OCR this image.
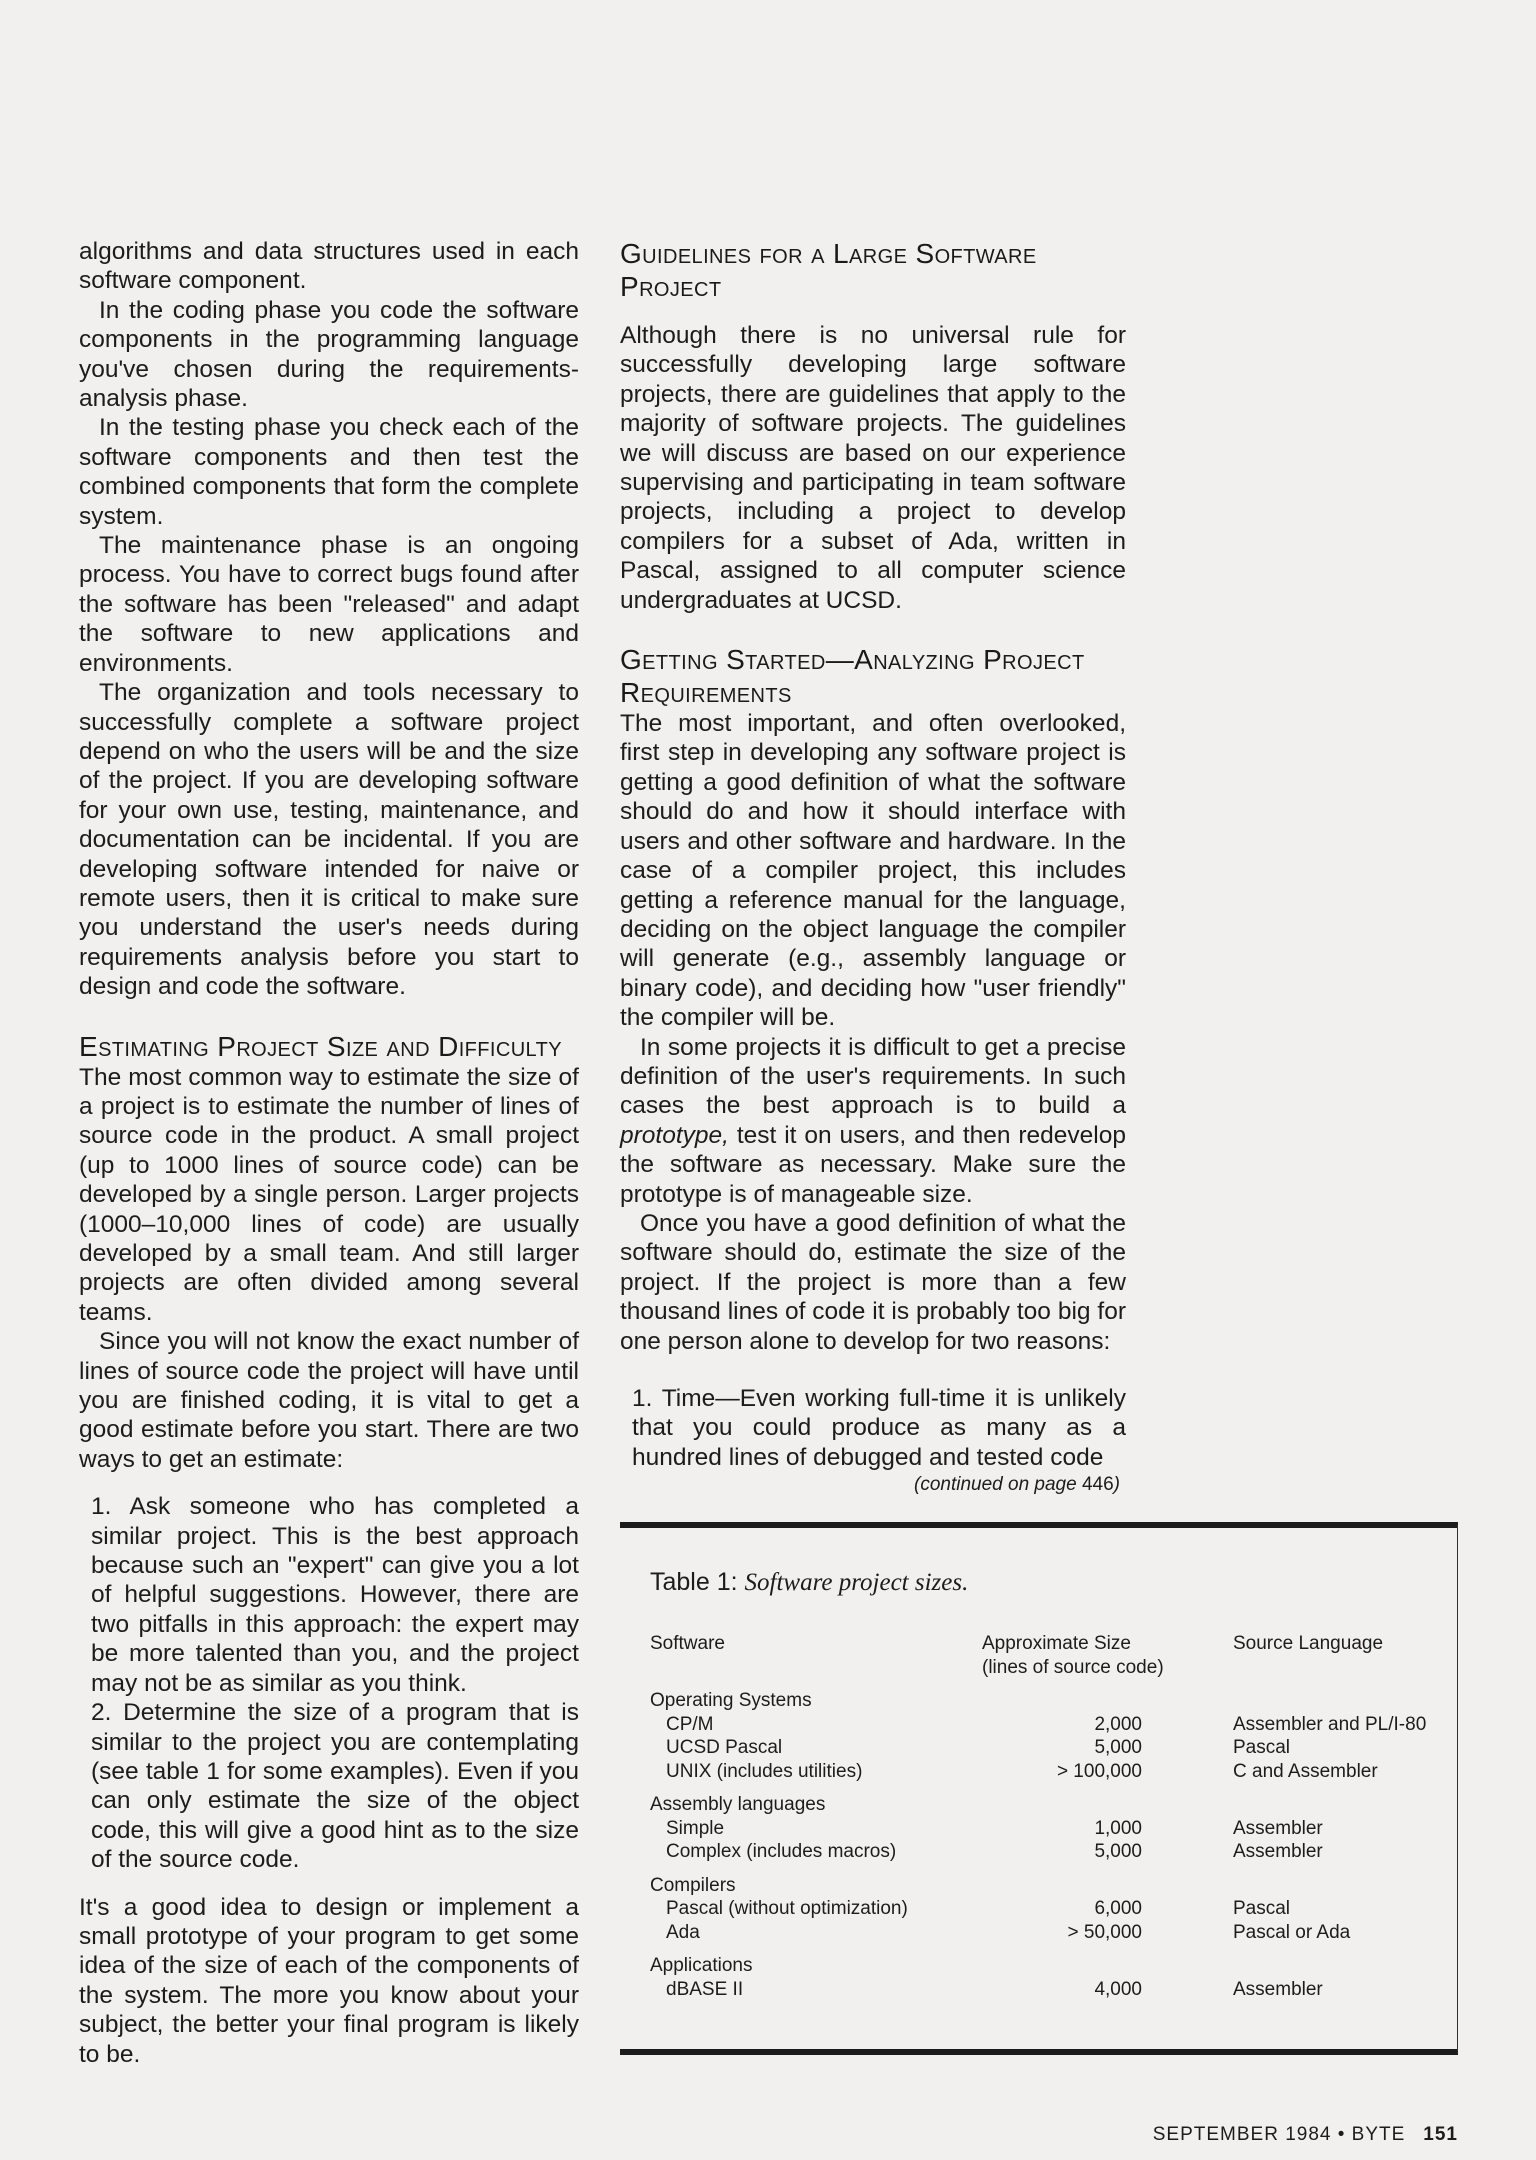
algorithms and data structures used in each software component.

In the coding phase you code the software components in the programming language you've chosen during the requirements-analysis phase.

In the testing phase you check each of the software components and then test the combined components that form the complete system.

The maintenance phase is an ongoing process. You have to correct bugs found after the software has been "released" and adapt the software to new applications and environments.

The organization and tools necessary to successfully complete a software project depend on who the users will be and the size of the project. If you are developing software for your own use, testing, maintenance, and documentation can be incidental. If you are developing software intended for naive or remote users, then it is critical to make sure you understand the user's needs during requirements analysis before you start to design and code the software.

Estimating Project Size and Difficulty

The most common way to estimate the size of a project is to estimate the number of lines of source code in the product. A small project (up to 1000 lines of source code) can be developed by a single person. Larger projects (1000–10,000 lines of code) are usually developed by a small team. And still larger projects are often divided among several teams.

Since you will not know the exact number of lines of source code the project will have until you are finished coding, it is vital to get a good estimate before you start. There are two ways to get an estimate:

1. Ask someone who has completed a similar project. This is the best approach because such an "expert" can give you a lot of helpful suggestions. However, there are two pitfalls in this approach: the expert may be more talented than you, and the project may not be as similar as you think.

2. Determine the size of a program that is similar to the project you are contemplating (see table 1 for some examples). Even if you can only estimate the size of the object code, this will give a good hint as to the size of the source code.

It's a good idea to design or implement a small prototype of your program to get some idea of the size of each of the components of the system. The more you know about your subject, the better your final program is likely to be.

Guidelines for a Large Software Project

Although there is no universal rule for successfully developing large software projects, there are guidelines that apply to the majority of software projects. The guidelines we will discuss are based on our experience supervising and participating in team software projects, including a project to develop compilers for a subset of Ada, written in Pascal, assigned to all computer science undergraduates at UCSD.

Getting Started—Analyzing Project Requirements

The most important, and often overlooked, first step in developing any software project is getting a good definition of what the software should do and how it should interface with users and other software and hardware. In the case of a compiler project, this includes getting a reference manual for the language, deciding on the object language the compiler will generate (e.g., assembly language or binary code), and deciding how "user friendly" the compiler will be.

In some projects it is difficult to get a precise definition of the user's requirements. In such cases the best approach is to build a prototype, test it on users, and then redevelop the software as necessary. Make sure the prototype is of manageable size.

Once you have a good definition of what the software should do, estimate the size of the project. If the project is more than a few thousand lines of code it is probably too big for one person alone to develop for two reasons:

1. Time—Even working full-time it is unlikely that you could produce as many as a hundred lines of debugged and tested code

(continued on page 446)
Table 1: Software project sizes.
Software	Approximate Size	Source Language
(lines of source code)
Operating Systems
CP/M	2,000	Assembler and PL/I-80
UCSD Pascal	5,000	Pascal
UNIX (includes utilities)	> 100,000	C and Assembler
Assembly languages
Simple	1,000	Assembler
Complex (includes macros)	5,000	Assembler
Compilers
Pascal (without optimization)	6,000	Pascal
Ada	> 50,000	Pascal or Ada
Applications
dBASE II	4,000	Assembler
SEPTEMBER 1984 • BYTE 151
